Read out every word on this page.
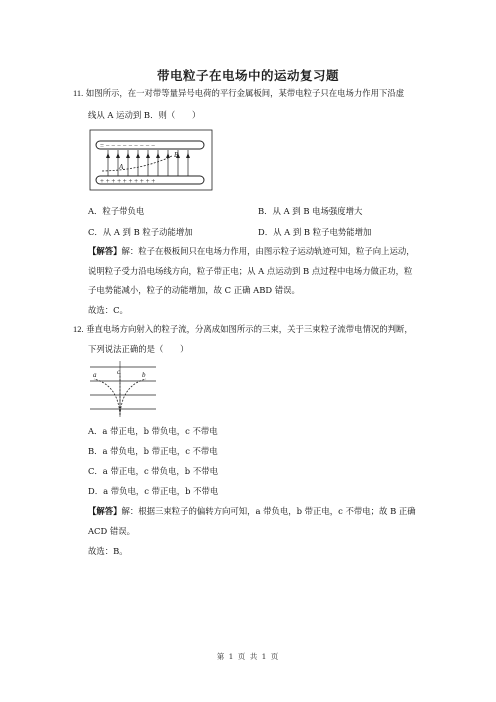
带电粒子在电场中的运动复习题
11. 如图所示，在一对带等量异号电荷的平行金属板间，某带电粒子只在电场力作用下沿虚
线从 A 运动到 B．则（　　）
= − − − − − − − − −
+ + + + + + + + + +
A
B
A．粒子带负电	B．从 A 到 B 电场强度增大
C．从 A 到 B 粒子动能增加	D．从 A 到 B 粒子电势能增加
【解答】解：粒子在极板间只在电场力作用，由图示粒子运动轨迹可知，粒子向上运动，
说明粒子受力沿电场线方向，粒子带正电；从 A 点运动到 B 点过程中电场力做正功，粒
子电势能减小，粒子的动能增加，故 C 正确 ABD 错误。
故选：C。
12. 垂直电场方向射入的粒子流，分离成如图所示的三束，关于三束粒子流带电情况的判断，
下列说法正确的是（　　）
a	c	b
A．a 带正电，b 带负电，c 不带电
B．a 带负电，b 带正电，c 不带电
C．a 带正电，c 带负电，b 不带电
D．a 带负电，c 带正电，b 不带电
【解答】解：根据三束粒子的偏转方向可知，a 带负电，b 带正电，c 不带电；故 B 正确
ACD 错误。
故选：B。
第 1 页 共 1 页
